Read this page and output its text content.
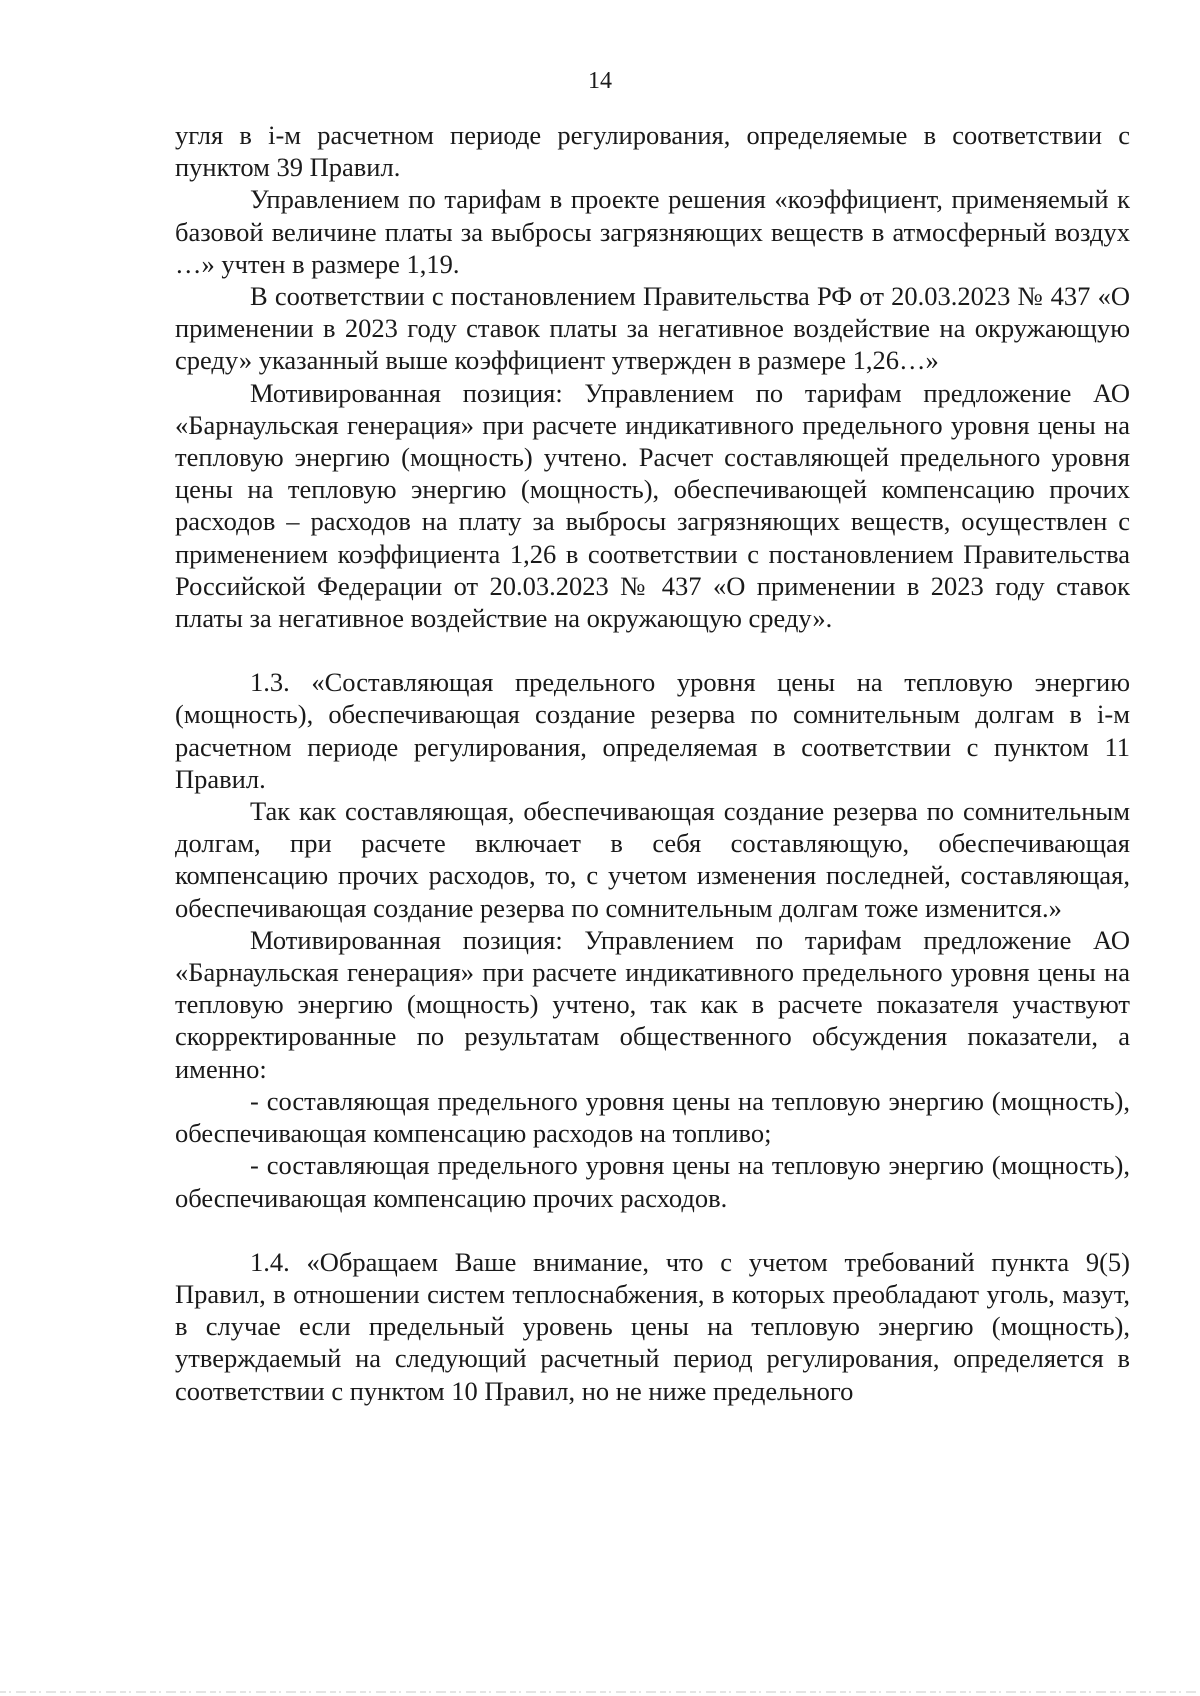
14

угля в i-м расчетном периоде регулирования, определяемые в соответствии с пунктом 39 Правил.

Управлением по тарифам в проекте решения «коэффициент, применяемый к базовой величине платы за выбросы загрязняющих веществ в атмосферный воздух …» учтен в размере 1,19.

В соответствии с постановлением Правительства РФ от 20.03.2023 № 437 «О применении в 2023 году ставок платы за негативное воздействие на окружающую среду» указанный выше коэффициент утвержден в размере 1,26…»

Мотивированная позиция: Управлением по тарифам предложение АО «Барнаульская генерация» при расчете индикативного предельного уровня цены на тепловую энергию (мощность) учтено. Расчет составляющей предельного уровня цены на тепловую энергию (мощность), обеспечивающей компенсацию прочих расходов – расходов на плату за выбросы загрязняющих веществ, осуществлен с применением коэффициента 1,26 в соответствии с постановлением Правительства Российской Федерации от 20.03.2023 № 437 «О применении в 2023 году ставок платы за негативное воздействие на окружающую среду».

1.3. «Составляющая предельного уровня цены на тепловую энергию (мощность), обеспечивающая создание резерва по сомнительным долгам в i-м расчетном периоде регулирования, определяемая в соответствии с пунктом 11 Правил.

Так как составляющая, обеспечивающая создание резерва по сомнительным долгам, при расчете включает в себя составляющую, обеспечивающая компенсацию прочих расходов, то, с учетом изменения последней, составляющая, обеспечивающая создание резерва по сомнительным долгам тоже изменится.»

Мотивированная позиция: Управлением по тарифам предложение АО «Барнаульская генерация» при расчете индикативного предельного уровня цены на тепловую энергию (мощность) учтено, так как в расчете показателя участвуют скорректированные по результатам общественного обсуждения показатели, а именно:

- составляющая предельного уровня цены на тепловую энергию (мощность), обеспечивающая компенсацию расходов на топливо;

- составляющая предельного уровня цены на тепловую энергию (мощность), обеспечивающая компенсацию прочих расходов.

1.4. «Обращаем Ваше внимание, что с учетом требований пункта 9(5) Правил, в отношении систем теплоснабжения, в которых преобладают уголь, мазут, в случае если предельный уровень цены на тепловую энергию (мощность), утверждаемый на следующий расчетный период регулирования, определяется в соответствии с пунктом 10 Правил, но не ниже предельного
